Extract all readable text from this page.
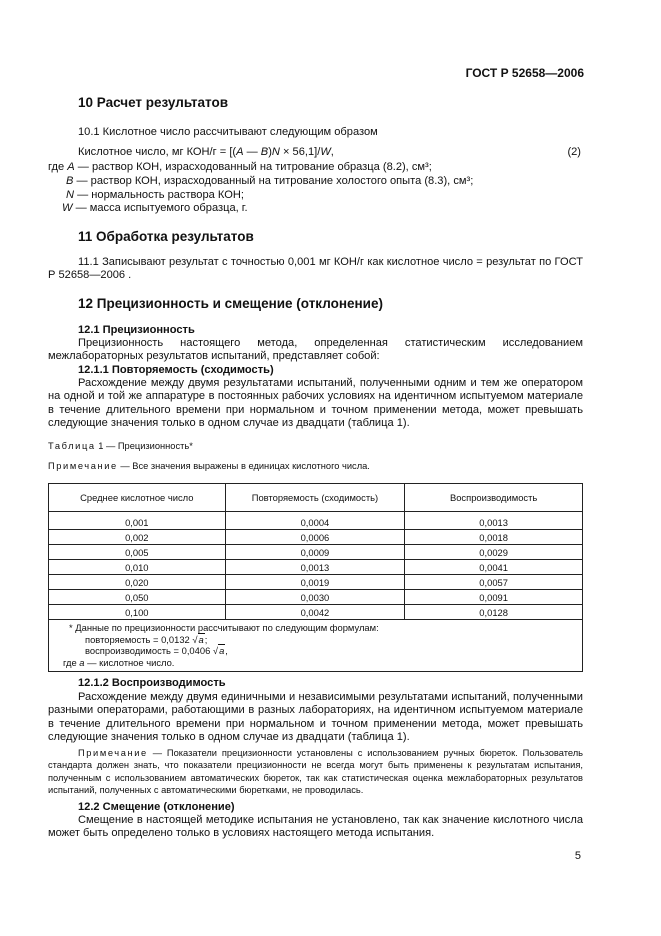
ГОСТ Р 52658—2006
10 Расчет результатов
10.1 Кислотное число рассчитывают следующим образом
Кислотное число, мг КОН/г = [(A — B)N × 56,1]/W,	(2)
где A — раствор КОН, израсходованный на титрование образца (8.2), см³;
B — раствор КОН, израсходованный на титрование холостого опыта (8.3), см³;
N — нормальность раствора КОН;
W — масса испытуемого образца, г.
11 Обработка результатов
11.1 Записывают результат с точностью 0,001 мг КОН/г как кислотное число = результат по ГОСТ Р 52658—2006 .
12 Прецизионность и смещение (отклонение)
12.1 Прецизионность
Прецизионность настоящего метода, определенная статистическим исследованием межлабораторных результатов испытаний, представляет собой:
12.1.1 Повторяемость (сходимость)
Расхождение между двумя результатами испытаний, полученными одним и тем же оператором на одной и той же аппаратуре в постоянных рабочих условиях на идентичном испытуемом материале в течение длительного времени при нормальном и точном применении метода, может превышать следующие значения только в одном случае из двадцати (таблица 1).
Таблица 1 — Прецизионность*
Примечание — Все значения выражены в единицах кислотного числа.
Среднее кислотное число	Повторяемость (сходимость)	Воспроизводимость
0,001	0,0004	0,0013
0,002	0,0006	0,0018
0,005	0,0009	0,0029
0,010	0,0013	0,0041
0,020	0,0019	0,0057
0,050	0,0030	0,0091
0,100	0,0042	0,0128

* Данные по прецизионности рассчитывают по следующим формулам:
повторяемость = 0,0132 √a;
воспроизводимость = 0,0406 √a,
где a — кислотное число.		
12.1.2 Воспроизводимость
Расхождение между двумя единичными и независимыми результатами испытаний, полученными разными операторами, работающими в разных лабораториях, на идентичном испытуемом материале в течение длительного времени при нормальном и точном применении метода, может превышать следующие значения только в одном случае из двадцати (таблица 1).
Примечание — Показатели прецизионности установлены с использованием ручных бюреток. Пользователь стандарта должен знать, что показатели прецизионности не всегда могут быть применены к результатам испытания, полученным с использованием автоматических бюреток, так как статистическая оценка межлабораторных результатов испытаний, полученных с автоматическими бюретками, не проводилась.
12.2 Смещение (отклонение)
Смещение в настоящей методике испытания не установлено, так как значение кислотного числа может быть определено только в условиях настоящего метода испытания.
5
